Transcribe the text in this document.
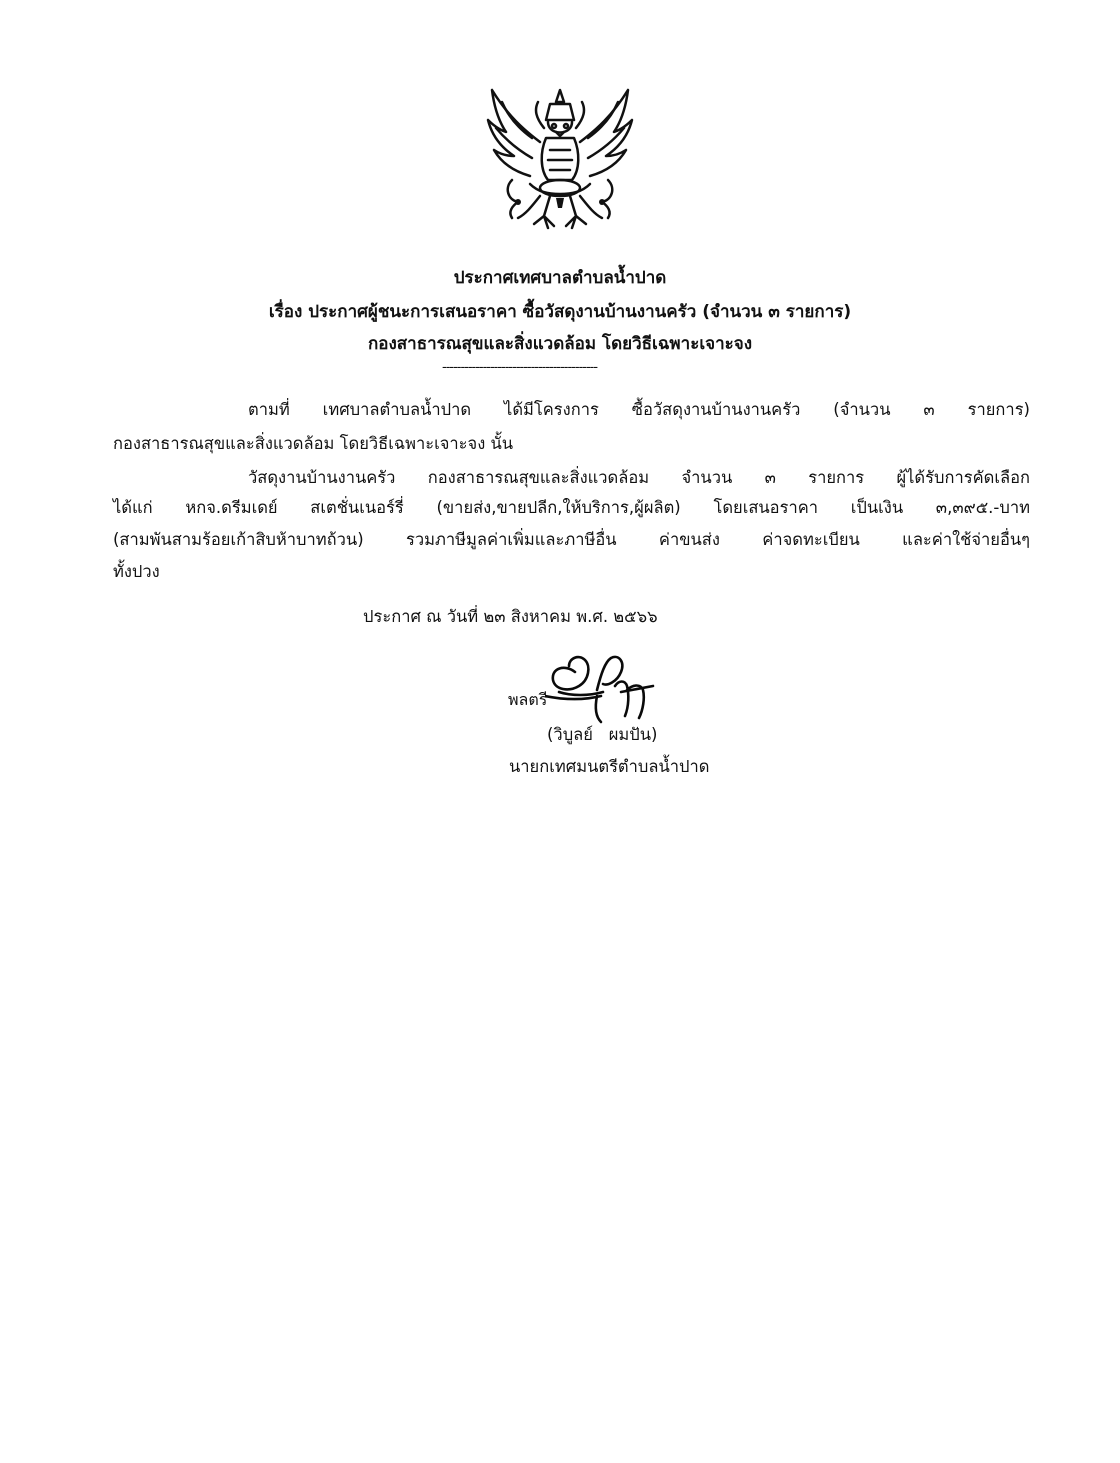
ประกาศเทศบาลตำบลน้ำปาด
เรื่อง ประกาศผู้ชนะการเสนอราคา ซื้อวัสดุงานบ้านงานครัว (จำนวน ๓ รายการ)
กองสาธารณสุขและสิ่งแวดล้อม โดยวิธีเฉพาะเจาะจง
------------------------------------------
ตามที่ เทศบาลตำบลน้ำปาด ได้มีโครงการ ซื้อวัสดุงานบ้านงานครัว (จำนวน ๓ รายการ)
กองสาธารณสุขและสิ่งแวดล้อม โดยวิธีเฉพาะเจาะจง นั้น
วัสดุงานบ้านงานครัว กองสาธารณสุขและสิ่งแวดล้อม จำนวน ๓ รายการ ผู้ได้รับการคัดเลือก
ได้แก่ หกจ.ดรีมเดย์ สเตชั่นเนอร์รี่ (ขายส่ง,ขายปลีก,ให้บริการ,ผู้ผลิต) โดยเสนอราคา เป็นเงิน ๓,๓๙๕.-บาท
(สามพันสามร้อยเก้าสิบห้าบาทถ้วน) รวมภาษีมูลค่าเพิ่มและภาษีอื่น ค่าขนส่ง ค่าจดทะเบียน และค่าใช้จ่ายอื่นๆ
ทั้งปวง
ประกาศ ณ วันที่ ๒๓ สิงหาคม พ.ศ. ๒๕๖๖
พลตรี
(วิบูลย์   ผมปัน)
นายกเทศมนตรีตำบลน้ำปาด
